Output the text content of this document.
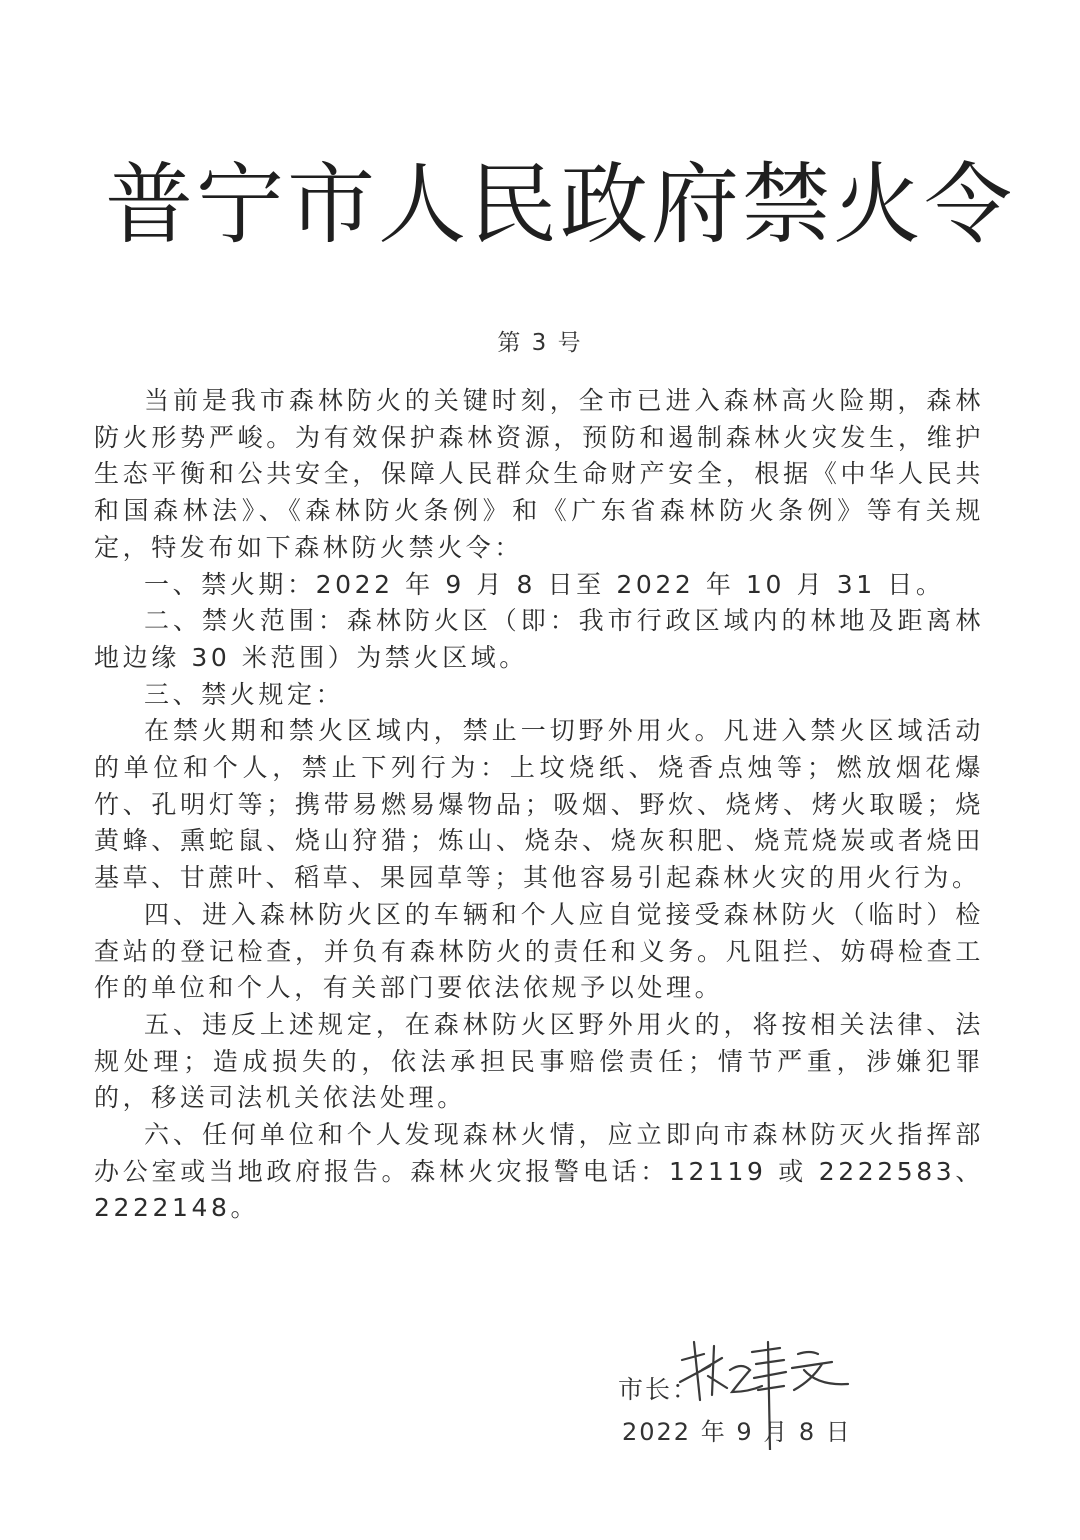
普宁市人民政府禁火令
第 3 号

当前是我市森林防火的关键时刻，全市已进入森林高火险期，森林防火形势严峻。为有效保护森林资源，预防和遏制森林火灾发生，维护生态平衡和公共安全，保障人民群众生命财产安全，根据《中华人民共和国森林法》、《森林防火条例》和《广东省森林防火条例》等有关规定，特发布如下森林防火禁火令：

一、禁火期：2022 年 9 月 8 日至 2022 年 10 月 31 日。

二、禁火范围：森林防火区（即：我市行政区域内的林地及距离林地边缘 30 米范围）为禁火区域。

三、禁火规定：

在禁火期和禁火区域内，禁止一切野外用火。凡进入禁火区域活动的单位和个人，禁止下列行为：上坟烧纸、烧香点烛等；燃放烟花爆竹、孔明灯等；携带易燃易爆物品；吸烟、野炊、烧烤、烤火取暖；烧黄蜂、熏蛇鼠、烧山狩猎；炼山、烧杂、烧灰积肥、烧荒烧炭或者烧田基草、甘蔗叶、稻草、果园草等；其他容易引起森林火灾的用火行为。

四、进入森林防火区的车辆和个人应自觉接受森林防火（临时）检查站的登记检查，并负有森林防火的责任和义务。凡阻拦、妨碍检查工作的单位和个人，有关部门要依法依规予以处理。

五、违反上述规定，在森林防火区野外用火的，将按相关法律、法规处理；造成损失的，依法承担民事赔偿责任；情节严重，涉嫌犯罪的，移送司法机关依法处理。

六、任何单位和个人发现森林火情，应立即向市森林防灭火指挥部办公室或当地政府报告。森林火灾报警电话：12119 或 2222583、2222148。

市长：
2022 年 9 月 8 日
